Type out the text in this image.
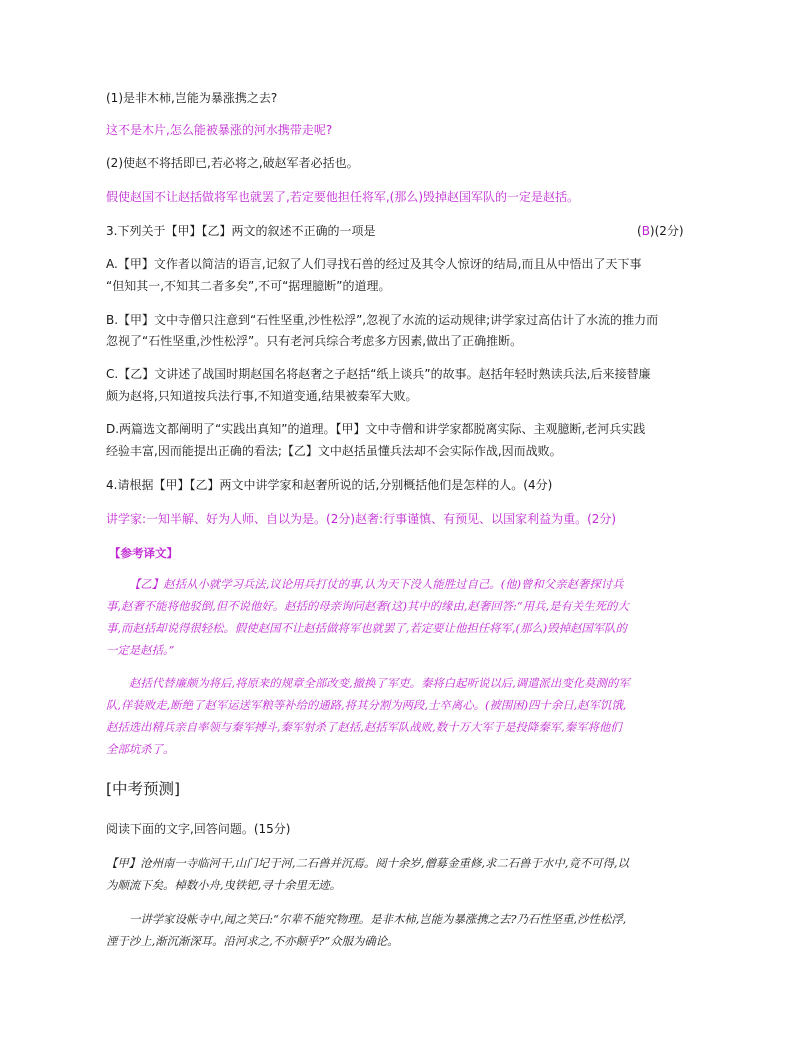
(1)是非木柿,岂能为暴涨携之去?
这不是木片,怎么能被暴涨的河水携带走呢?
(2)使赵不将括即已,若必将之,破赵军者必括也。
假使赵国不让赵括做将军也就罢了,若定要他担任将军,(那么)毁掉赵国军队的一定是赵括。
3.下列关于【甲】【乙】两文的叙述不正确的一项是	(B)(2分)
A.【甲】文作者以简洁的语言,记叙了人们寻找石兽的经过及其令人惊讶的结局,而且从中悟出了天下事
“但知其一,不知其二者多矣”,不可“据理臆断”的道理。
B.【甲】文中寺僧只注意到“石性坚重,沙性松浮”,忽视了水流的运动规律;讲学家过高估计了水流的推力而
忽视了“石性坚重,沙性松浮”。只有老河兵综合考虑多方因素,做出了正确推断。
C.【乙】文讲述了战国时期赵国名将赵奢之子赵括“纸上谈兵”的故事。赵括年轻时熟读兵法,后来接替廉
颇为赵将,只知道按兵法行事,不知道变通,结果被秦军大败。
D.两篇选文都阐明了“实践出真知”的道理。【甲】文中寺僧和讲学家都脱离实际、主观臆断,老河兵实践
经验丰富,因而能提出正确的看法;【乙】文中赵括虽懂兵法却不会实际作战,因而战败。
4.请根据【甲】【乙】两文中讲学家和赵奢所说的话,分别概括他们是怎样的人。(4分)
讲学家:一知半解、好为人师、自以为是。(2分)赵奢:行事谨慎、有预见、以国家利益为重。(2分)
【参考译文】
【乙】赵括从小就学习兵法,议论用兵打仗的事,认为天下没人能胜过自己。(他)曾和父亲赵奢探讨兵
事,赵奢不能将他驳倒,但不说他好。赵括的母亲询问赵奢(这)其中的缘由,赵奢回答:“用兵,是有关生死的大
事,而赵括却说得很轻松。假使赵国不让赵括做将军也就罢了,若定要让他担任将军,(那么)毁掉赵国军队的
一定是赵括。”
赵括代替廉颇为将后,将原来的规章全部改变,撤换了军吏。秦将白起听说以后,调遣派出变化莫测的军
队,佯装败走,断绝了赵军运送军粮等补给的通路,将其分割为两段,士卒离心。(被围困)四十余日,赵军饥饿,
赵括选出精兵亲自率领与秦军搏斗,秦军射杀了赵括,赵括军队战败,数十万大军于是投降秦军,秦军将他们
全部坑杀了。
[中考预测]
阅读下面的文字,回答问题。(15分)
【甲】沧州南一寺临河干,山门圮于河,二石兽并沉焉。阅十余岁,僧募金重修,求二石兽于水中,竟不可得,以
为顺流下矣。棹数小舟,曳铁钯,寻十余里无迹。
一讲学家设帐寺中,闻之笑曰:“尔辈不能究物理。是非木柿,岂能为暴涨携之去?乃石性坚重,沙性松浮,
湮于沙上,渐沉渐深耳。沿河求之,不亦颠乎?”众服为确论。
